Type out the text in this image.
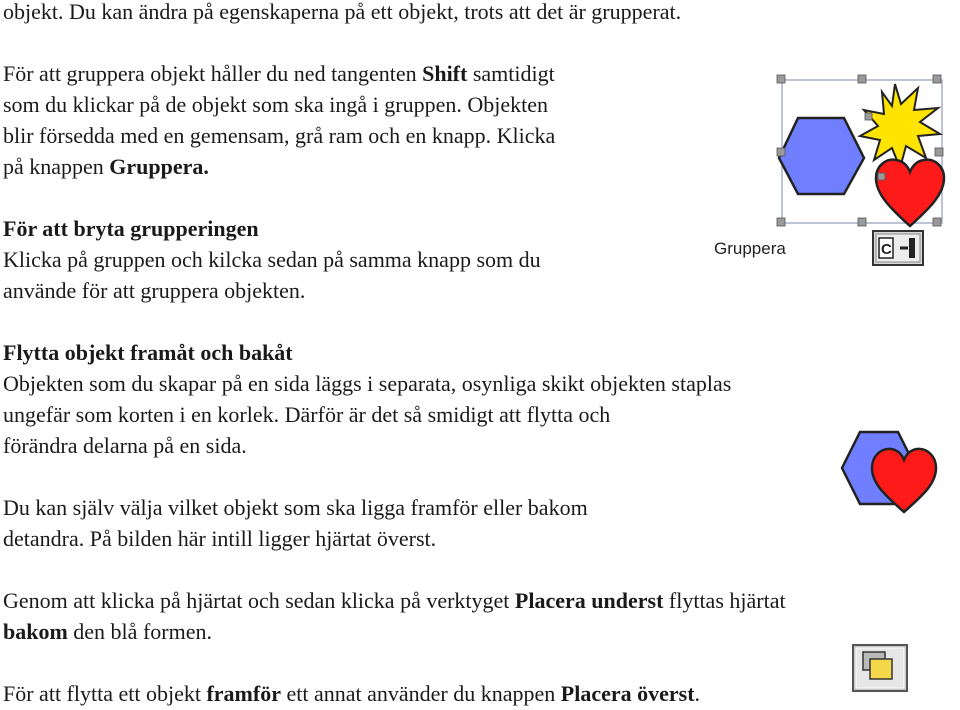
objekt. Du kan ändra på egenskaperna på ett objekt, trots att det är grupperat.
För att gruppera objekt håller du ned tangenten Shift samtidigt
som du klickar på de objekt som ska ingå i gruppen. Objekten
blir försedda med en gemensam, grå ram och en knapp. Klicka
på knappen Gruppera.
För att bryta grupperingen
Klicka på gruppen och kilcka sedan på samma knapp som du
använde för att gruppera objekten.
Flytta objekt framåt och bakåt
Objekten som du skapar på en sida läggs i separata, osynliga skikt objekten staplas
ungefär som korten i en korlek. Därför är det så smidigt att flytta och
förändra delarna på en sida.
Du kan själv välja vilket objekt som ska ligga framför eller bakom
detandra. På bilden här intill ligger hjärtat överst.
Genom att klicka på hjärtat och sedan klicka på verktyget Placera underst flyttas hjärtat
bakom den blå formen.
För att flytta ett objekt framför ett annat använder du knappen Placera överst.
Gruppera	C
